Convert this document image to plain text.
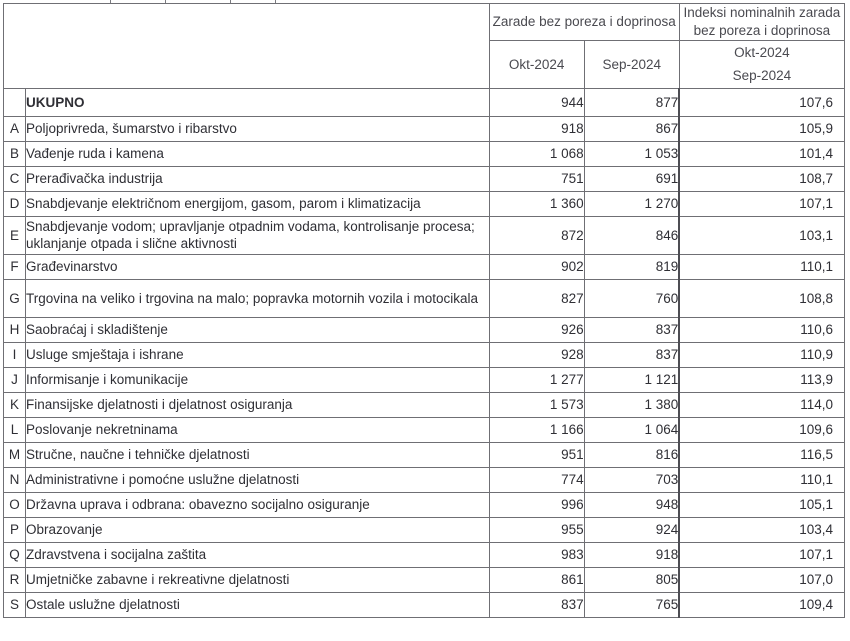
		Zarade bez poreza i doprinosa		Indeksi nominalnih zarada bez poreza i doprinosa
		Okt-2024	Sep-2024	Okt-2024
Sep-2024

	UKUPNO	944	877	107,6
A	Poljoprivreda, šumarstvo i ribarstvo	918	867	105,9
B	Vađenje ruda i kamena	1 068	1 053	101,4
C	Prerađivačka industrija	751	691	108,7
D	Snabdjevanje električnom energijom, gasom, parom i klimatizacija	1 360	1 270	107,1
E	Snabdjevanje vodom; upravljanje otpadnim vodama, kontrolisanje procesa; uklanjanje otpada i slične aktivnosti	872	846	103,1
F	Građevinarstvo	902	819	110,1
G	Trgovina na veliko i trgovina na malo; popravka motornih vozila i motocikala	827	760	108,8
H	Saobraćaj i skladištenje	926	837	110,6
I	Usluge smještaja i ishrane	928	837	110,9
J	Informisanje i komunikacije	1 277	1 121	113,9
K	Finansijske djelatnosti i djelatnost osiguranja	1 573	1 380	114,0
L	Poslovanje nekretninama	1 166	1 064	109,6
M	Stručne, naučne i tehničke djelatnosti	951	816	116,5
N	Administrativne i pomoćne uslužne djelatnosti	774	703	110,1
O	Državna uprava i odbrana: obavezno socijalno osiguranje	996	948	105,1
P	Obrazovanje	955	924	103,4
Q	Zdravstvena i socijalna zaštita	983	918	107,1
R	Umjetničke zabavne i rekreativne djelatnosti	861	805	107,0
S	Ostale uslužne djelatnosti	837	765	109,4
